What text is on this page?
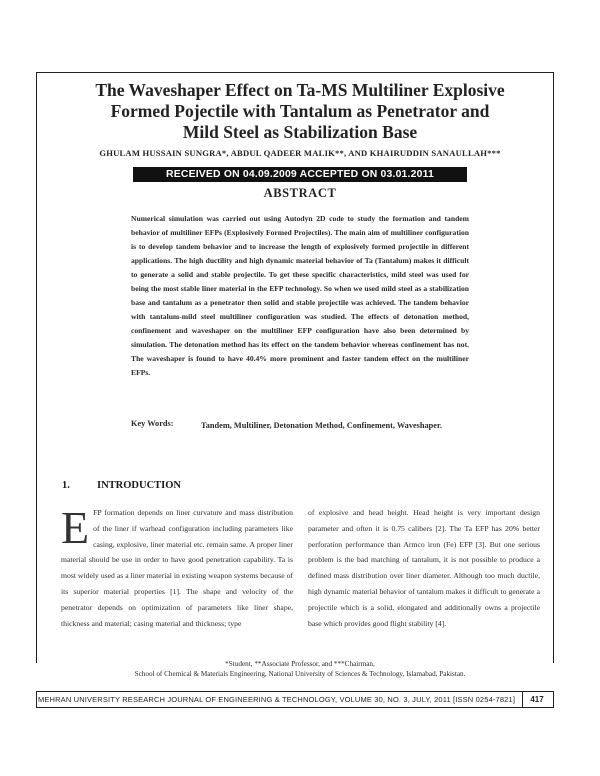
The Waveshaper Effect on Ta-MS Multiliner Explosive
Formed Pojectile with Tantalum as Penetrator and
Mild Steel as Stabilization Base
GHULAM HUSSAIN SUNGRA*, ABDUL QADEER MALIK**, AND KHAIRUDDIN SANAULLAH***
RECEIVED ON 04.09.2009 ACCEPTED ON 03.01.2011
ABSTRACT
Numerical simulation was carried out using Autodyn 2D code to study the formation and tandem behavior of multiliner EFPs (Explosively Formed Projectiles). The main aim of multiliner configuration is to develop tandem behavior and to increase the length of explosively formed projectile in different applications. The high ductility and high dynamic material behavior of Ta (Tantalum) makes it difficult to generate a solid and stable projectile. To get these specific characteristics, mild steel was used for being the most stable liner material in the EFP technology. So when we used mild steel as a stabilization base and tantalum as a penetrator then solid and stable projectile was achieved. The tandem behavior with tantalum-mild steel multiliner configuration was studied. The effects of detonation method, confinement and waveshaper on the multiliner EFP configuration have also been determined by simulation. The detonation method has its effect on the tandem behavior whereas confinement has not. The waveshaper is found to have 40.4% more prominent and faster tandem effect on the multiliner EFPs.
Key Words:	Tandem, Multiliner, Detonation Method, Confinement, Waveshaper.
1.	INTRODUCTION
E FP formation depends on liner curvature and mass distribution of the liner if warhead configuration including parameters like casing, explosive, liner material etc. remain same. A proper liner material should be use in order to have good penetration capability. Ta is most widely used as a liner material in existing weapon systems because of its superior material properties [1]. The shape and velocity of the penetrator depends on optimization of parameters like liner shape, thickness and material; casing material and thickness; type
of explosive and head height. Head height is very important design parameter and often it is 0.75 calibers [2]. The Ta EFP has 20% better perforation performance than Armco iron (Fe) EFP [3]. But one serious problem is the bad matching of tantalum, it is not possible to produce a defined mass distribution over liner diameter. Although too much ductile, high dynamic material behavior of tantalum makes it difficult to generate a projectile which is a solid, elongated and additionally owns a projectile base which provides good flight stability [4].
*Student, **Associate Professor, and ***Chairman,
School of Chemical & Materials Engineering, National University of Sciences & Technology, Islamabad, Pakistan.
MEHRAN UNIVERSITY RESEARCH JOURNAL OF ENGINEERING & TECHNOLOGY, VOLUME 30, NO. 3, JULY, 2011 [ISSN 0254-7821]	417
